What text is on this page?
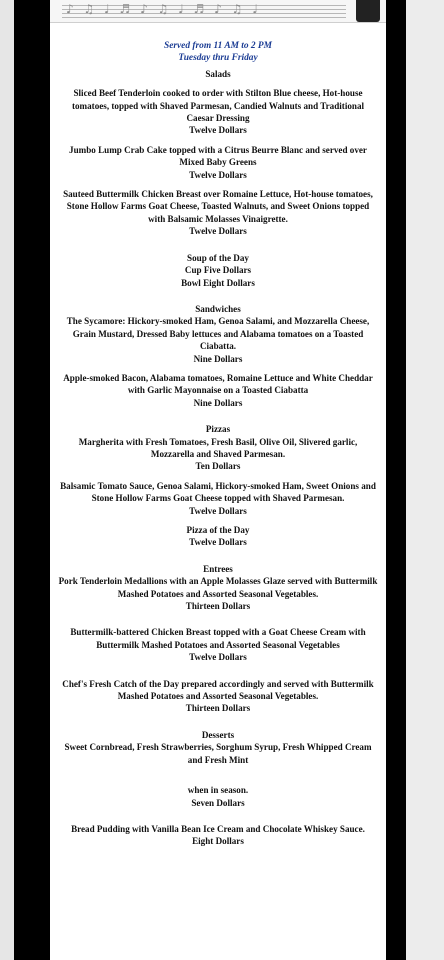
♪ ♫ ♩ ♬ ♪ ♫ ♩ ♬ ♪ ♫ ♩
Served from 11 AM to 2 PM
Tuesday thru Friday
Salads
Sliced Beef Tenderloin cooked to order with Stilton Blue cheese, Hot-house tomatoes, topped with Shaved Parmesan, Candied Walnuts and Traditional Caesar Dressing
Twelve Dollars
Jumbo Lump Crab Cake topped with a Citrus Beurre Blanc and served over Mixed Baby Greens
Twelve Dollars
Sauteed Buttermilk Chicken Breast over Romaine Lettuce, Hot-house tomatoes, Stone Hollow Farms Goat Cheese, Toasted Walnuts, and Sweet Onions topped with Balsamic Molasses Vinaigrette.
Twelve Dollars
Soup of the Day
Cup Five Dollars
Bowl Eight Dollars
Sandwiches
The Sycamore: Hickory-smoked Ham, Genoa Salami, and Mozzarella Cheese, Grain Mustard, Dressed Baby lettuces and Alabama tomatoes on a Toasted Ciabatta.
Nine Dollars
Apple-smoked Bacon, Alabama tomatoes, Romaine Lettuce and White Cheddar with Garlic Mayonnaise on a Toasted Ciabatta
Nine Dollars
Pizzas
Margherita with Fresh Tomatoes, Fresh Basil, Olive Oil, Slivered garlic, Mozzarella and Shaved Parmesan.
Ten Dollars
Balsamic Tomato Sauce, Genoa Salami, Hickory-smoked Ham, Sweet Onions and Stone Hollow Farms Goat Cheese topped with Shaved Parmesan.
Twelve Dollars
Pizza of the Day
Twelve Dollars
Entrees
Pork Tenderloin Medallions with an Apple Molasses Glaze served with Buttermilk Mashed Potatoes and Assorted Seasonal Vegetables.
Thirteen Dollars
Buttermilk-battered Chicken Breast topped with a Goat Cheese Cream with Buttermilk Mashed Potatoes and Assorted Seasonal Vegetables
Twelve Dollars
Chef's Fresh Catch of the Day prepared accordingly and served with Buttermilk Mashed Potatoes and Assorted Seasonal Vegetables.
Thirteen Dollars
Desserts
Sweet Cornbread, Fresh Strawberries, Sorghum Syrup, Fresh Whipped Cream and Fresh Mint
when in season.
Seven Dollars
Bread Pudding with Vanilla Bean Ice Cream and Chocolate Whiskey Sauce.
Eight Dollars
